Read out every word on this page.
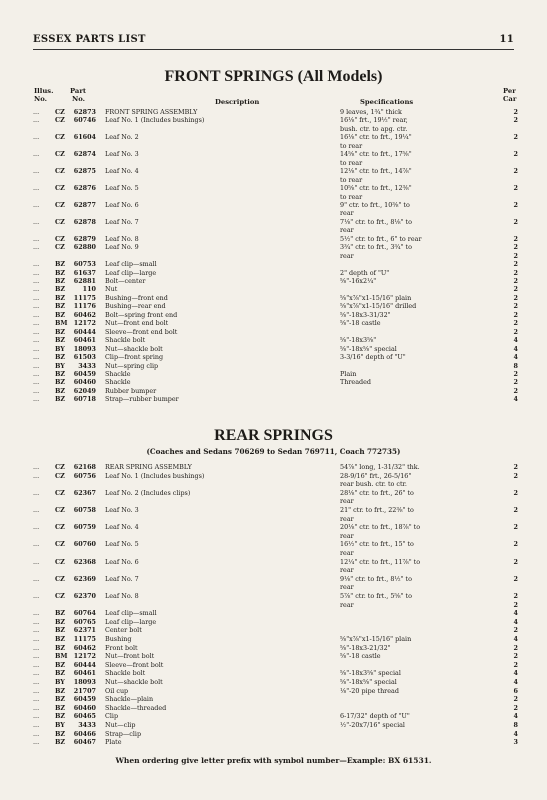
ESSEX PARTS LIST	11
FRONT SPRINGS (All Models)
Illus.
No.
Part
No.	Description	Specifications
Per
Car
...	CZ	62873 FRONT SPRING ASSEMBLY	9 leaves, 1¾" thick	2
...	CZ	60746 Leaf No. 1 (Includes bushings)	16⅛" frt., 19½" rear,	2
bush. ctr. to apg. ctr.
...	CZ	61604 Leaf No. 2	16⅛" ctr. to frt., 19¼"	2
to rear
...	CZ	62874 Leaf No. 3	14⅝" ctr. to frt., 17⅝"	2
to rear
...	CZ	62875 Leaf No. 4	12⅛" ctr. to frt., 14⅞"	2
to rear
...	CZ	62876 Leaf No. 5	10⅝" ctr. to frt., 12⅜"	2
to rear
...	CZ	62877 Leaf No. 6	9" ctr. to frt., 10⅜" to	2
rear
...	CZ	62878 Leaf No. 7	7⅛" ctr. to frt., 8⅛" to	2
rear
...	CZ	62879 Leaf No. 8	5½" ctr. to frt., 6" to rear	2
...	CZ	62880 Leaf No. 9	3¾" ctr. to frt., 3¾" to	2
rear	2
...	BZ	60753 Leaf clip—small	2
...	BZ	61637 Leaf clip—large	2" depth of "U"	2
...	BZ	62881 Bolt—center	⅝"-16x2¼"	2
...	BZ	110 Nut	2
...	BZ	11175 Bushing—front end	⅝"x⅞"x1-15/16" plain	2
...	BZ	11176 Bushing—rear end	⅝"x⅞"x1-15/16" drilled	2
...	BZ	60462 Bolt—spring front end	⅝"-18x3-31/32"	2
...	BM 12172 Nut—front end bolt	⅝"-18 castle	2
...	BZ	60444 Sleeve—front end bolt	2
...	BZ	60461 Shackle bolt	⅝"-18x3⅝"	4
...	BY	18093 Nut—shackle bolt	⅝"-18x⅝" special	4
...	BZ	61503 Clip—front spring	3-3/16" depth of "U"	4
...	BY	3433 Nut—spring clip	8
...	BZ	60459 Shackle	Plain	2
...	BZ	60460 Shackle	Threaded	2
...	BZ	62049 Rubber bumper	2
...	BZ	60718 Strap—rubber bumper	4
REAR SPRINGS
(Coaches and Sedans 706269 to Sedan 769711, Coach 772735)
...	CZ	62168 REAR SPRING ASSEMBLY	54⅞" long, 1-31/32" thk.	2
...	CZ	60756 Leaf No. 1 (Includes bushings)	28-9/16" frt., 26-5/16"	2
rear bush. ctr. to ctr.
...	CZ	62367 Leaf No. 2 (Includes clips)	28⅛" ctr. to frt., 26" to	2
rear
...	CZ	60758 Leaf No. 3	21" ctr. to frt., 22⅜" to	2
rear
...	CZ	60759 Leaf No. 4	20⅛" ctr. to frt., 18⅞" to	2
rear
...	CZ	60760 Leaf No. 5	16½" ctr. to frt., 15" to	2
rear
...	CZ	62368 Leaf No. 6	12¼" ctr. to frt., 11⅞" to	2
rear
...	CZ	62369 Leaf No. 7	9⅛" ctr. to frt., 8½" to	2
rear
...	CZ	62370 Leaf No. 8	5⅞" ctr. to frt., 5⅝" to	2
rear	2
...	BZ	60764 Leaf clip—small	4
...	BZ	60765 Leaf clip—large	4
...	BZ	62371 Center bolt	2
...	BZ	11175 Bushing	⅝"x⅞"x1-15/16" plain	4
...	BZ	60462 Front bolt	⅝"-18x3-21/32"	2
...	BM 12172 Nut—front bolt	⅝"-18 castle	2
...	BZ	60444 Sleeve—front bolt	2
...	BZ	60461 Shackle bolt	⅝"-18x3⅝" special	4
...	BY	18093 Nut—shackle bolt	⅝"-18x⅝" special	4
...	BZ	21707 Oil cup	⅛"-20 pipe thread	6
...	BZ	60459 Shackle—plain	2
...	BZ	60460 Shackle—threaded	2
...	BZ	60465 Clip	6-17/32" depth of "U"	4
...	BY	3433 Nut—clip	½"-20x7/16" special	8
...	BZ	60466 Strap—clip	4
...	BZ	60467 Plate	3
When ordering give letter prefix with symbol number—Example: BX 61531.
